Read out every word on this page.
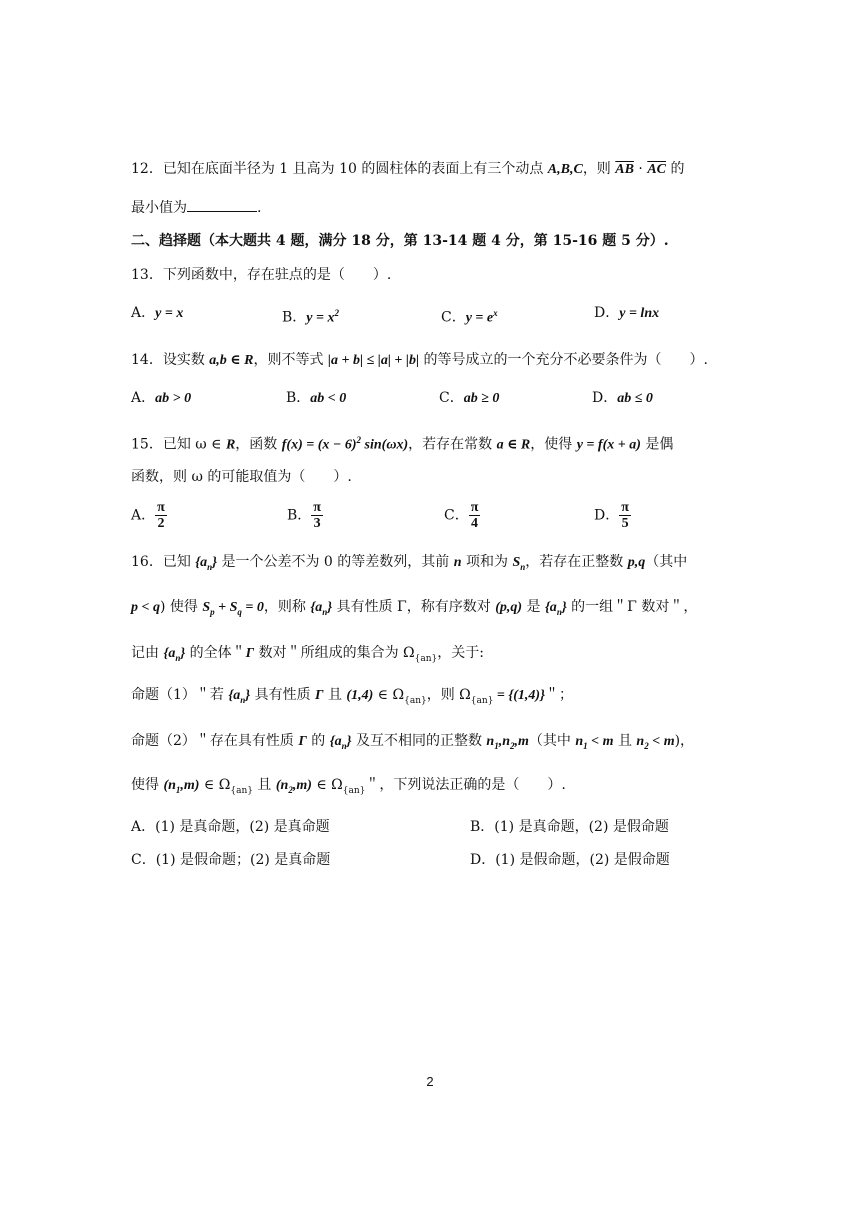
12．已知在底面半径为 1 且高为 10 的圆柱体的表面上有三个动点 A,B,C，则 $\overline{AB} \cdot \overline{AC}$ 的
最小值为	.
二、趋择题（本大题共 4 题，满分 18 分，第 13-14 题 4 分，第 15-16 题 5 分）.
13．下列函数中，存在驻点的是（　　）.
A．y = x	B．$y = x^2$	C．$y = e^x$	D．y = lnx
14．设实数 a,b ∈ R，则不等式 |a + b| ≤ |a| + |b| 的等号成立的一个充分不必要条件为（　　）.
A．ab > 0	B．ab < 0	C．ab ≥ 0	D．ab ≤ 0
15．已知 ω ∈ R，函数 $f(x) = (x - 6)^2$ sin(ωx)，若存在常数 a ∈ R，使得 y = f(x + a) 是偶
函数，则 ω 的可能取值为（　　）.
A． $\frac{\pi}{2}$	B． $\frac{\pi}{3}$	C． $\frac{\pi}{4}$	D． $\frac{\pi}{5}$
16．已知 $\{a_n\}$ 是一个公差不为 0 的等差数列，其前 n 项和为 $S_n$，若存在正整数 p,q（其中
p < q) 使得 $S_p + S_q = 0$，则称 $\{a_n\}$ 具有性质 Γ，称有序数对 (p,q) 是 $\{a_n\}$ 的一组＂Γ 数对＂，
记由 $\{a_n\}$ 的全体＂Γ 数对＂所组成的集合为 $\Omega_{\{an\}}$，关于:
命题（1）＂若 $\{a_n\}$ 具有性质 Γ 且 (1,4) ∈ $\Omega_{\{an\}}$，则 $\Omega_{\{an\}} = \{(1,4)\}$＂；
命题（2）＂存在具有性质 Γ 的 $\{a_n\}$ 及互不相同的正整数 $n_1,n_2,m$（其中 $n_1 < m$ 且 $n_2 < m$)，
使得 $(n_1,m)$ ∈ $\Omega_{\{an\}}$ 且 $(n_2,m)$ ∈ $\Omega_{\{an\}}$＂，下列说法正确的是（　　）.
A．(1) 是真命题，(2) 是真命题	B．(1) 是真命题，(2) 是假命题
C．(1) 是假命题；(2) 是真命题	D．(1) 是假命题，(2) 是假命题
2
